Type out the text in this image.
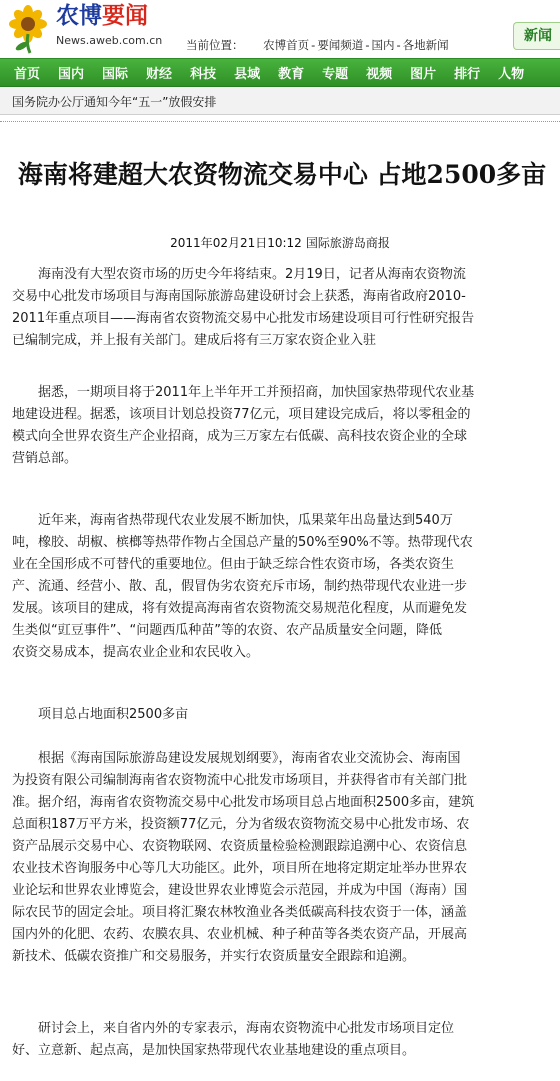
农博要闻
News.aweb.com.cn 当前位置： 农博首页 - 要闻频道 - 国内 - 各地新闻
新闻
首页 国内 国际 财经 科技 县域 教育 专题 视频 图片 排行 人物
国务院办公厅通知今年“五一”放假安排
海南将建超大农资物流交易中心 占地2500多亩
2011年02月21日10:12 国际旅游岛商报
　　海南没有大型农资市场的历史今年将结束。2月19日，记者从海南农资物流
交易中心批发市场项目与海南国际旅游岛建设研讨会上获悉，海南省政府2010-
2011年重点项目——海南省农资物流交易中心批发市场建设项目可行性研究报告
已编制完成，并上报有关部门。建成后将有三万家农资企业入驻
　　据悉，一期项目将于2011年上半年开工并预招商，加快国家热带现代农业基
地建设进程。据悉，该项目计划总投资77亿元，项目建设完成后，将以零租金的
模式向全世界农资生产企业招商，成为三万家左右低碳、高科技农资企业的全球
营销总部。
　　近年来，海南省热带现代农业发展不断加快，瓜果菜年出岛量达到540万
吨，橡胶、胡椒、槟榔等热带作物占全国总产量的50%至90%不等。热带现代农
业在全国形成不可替代的重要地位。但由于缺乏综合性农资市场，各类农资生
产、流通、经营小、散、乱，假冒伪劣农资充斥市场，制约热带现代农业进一步
发展。该项目的建成，将有效提高海南省农资物流交易规范化程度，从而避免发
生类似“豇豆事件”、“问题西瓜种苗”等的农资、农产品质量安全问题，降低
农资交易成本，提高农业企业和农民收入。
　　项目总占地面积2500多亩
　　根据《海南国际旅游岛建设发展规划纲要》，海南省农业交流协会、海南国
为投资有限公司编制海南省农资物流中心批发市场项目，并获得省市有关部门批
准。据介绍，海南省农资物流交易中心批发市场项目总占地面积2500多亩，建筑
总面积187万平方米，投资额77亿元，分为省级农资物流交易中心批发市场、农
资产品展示交易中心、农资物联网、农资质量检验检测跟踪追溯中心、农资信息
农业技术咨询服务中心等几大功能区。此外，项目所在地将定期定址举办世界农
业论坛和世界农业博览会，建设世界农业博览会示范园，并成为中国（海南）国
际农民节的固定会址。项目将汇聚农林牧渔业各类低碳高科技农资于一体，涵盖
国内外的化肥、农药、农膜农具、农业机械、种子种苗等各类农资产品，开展高
新技术、低碳农资推广和交易服务，并实行农资质量安全跟踪和追溯。
　　研讨会上，来自省内外的专家表示，海南农资物流中心批发市场项目定位
好、立意新、起点高，是加快国家热带现代农业基地建设的重点项目。
